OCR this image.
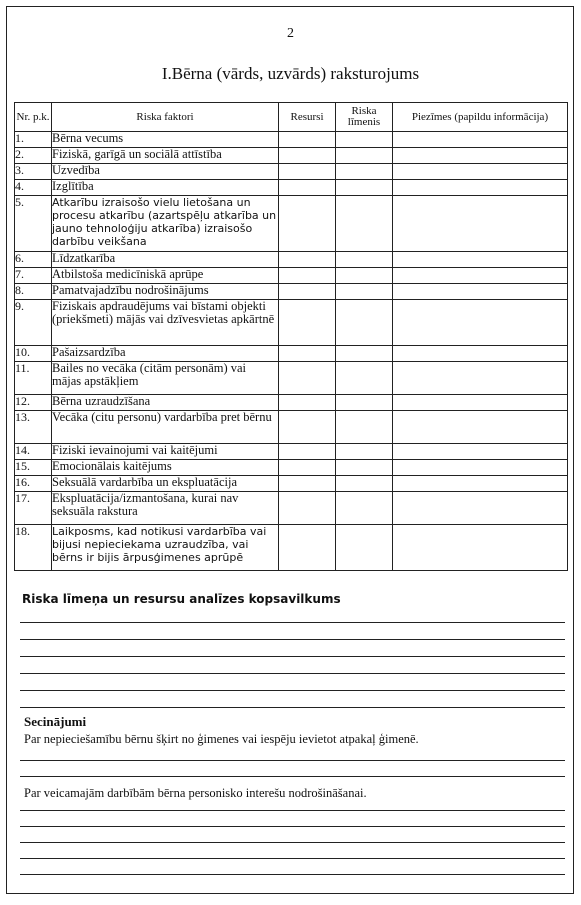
2
I.Bērna (vārds, uzvārds) raksturojums
Nr. p.k.	Riska faktori	Resursi	Riska līmenis	Piezīmes (papildu informācija)
1.	Bērna vecums			
2.	Fiziskā, garīgā un sociālā attīstība			
3.	Uzvedība			
4.	Izglītība			
5.	Atkarību izraisošo vielu lietošana un procesu atkarību (azartspēļu atkarība un jauno tehnoloģiju atkarība) izraisošo darbību veikšana			
6.	Līdzatkarība			
7.	Atbilstoša medicīniskā aprūpe			
8.	Pamatvajadzību nodrošinājums			
9.	Fiziskais apdraudējums vai bīstami objekti (priekšmeti) mājās vai dzīvesvietas apkārtnē			
10.	Pašaizsardzība			
11.	Bailes no vecāka (citām personām) vai mājas apstākļiem			
12.	Bērna uzraudzīšana			
13.	Vecāka (citu personu) vardarbība pret bērnu			
14.	Fiziski ievainojumi vai kaitējumi			
15.	Emocionālais kaitējums			
16.	Seksuālā vardarbība un ekspluatācija			
17.	Ekspluatācija/izmantošana, kurai nav seksuāla rakstura			
18.	Laikposms, kad notikusi vardarbība vai bijusi nepieciekama uzraudzība, vai bērns ir bijis ārpusģimenes aprūpē			
Riska līmeņa un resursu analīzes kopsavilkums
Secinājumi
Par nepieciešamību bērnu šķirt no ģimenes vai iespēju ievietot atpakaļ ģimenē.
Par veicamajām darbībām bērna personisko interešu nodrošināšanai.
